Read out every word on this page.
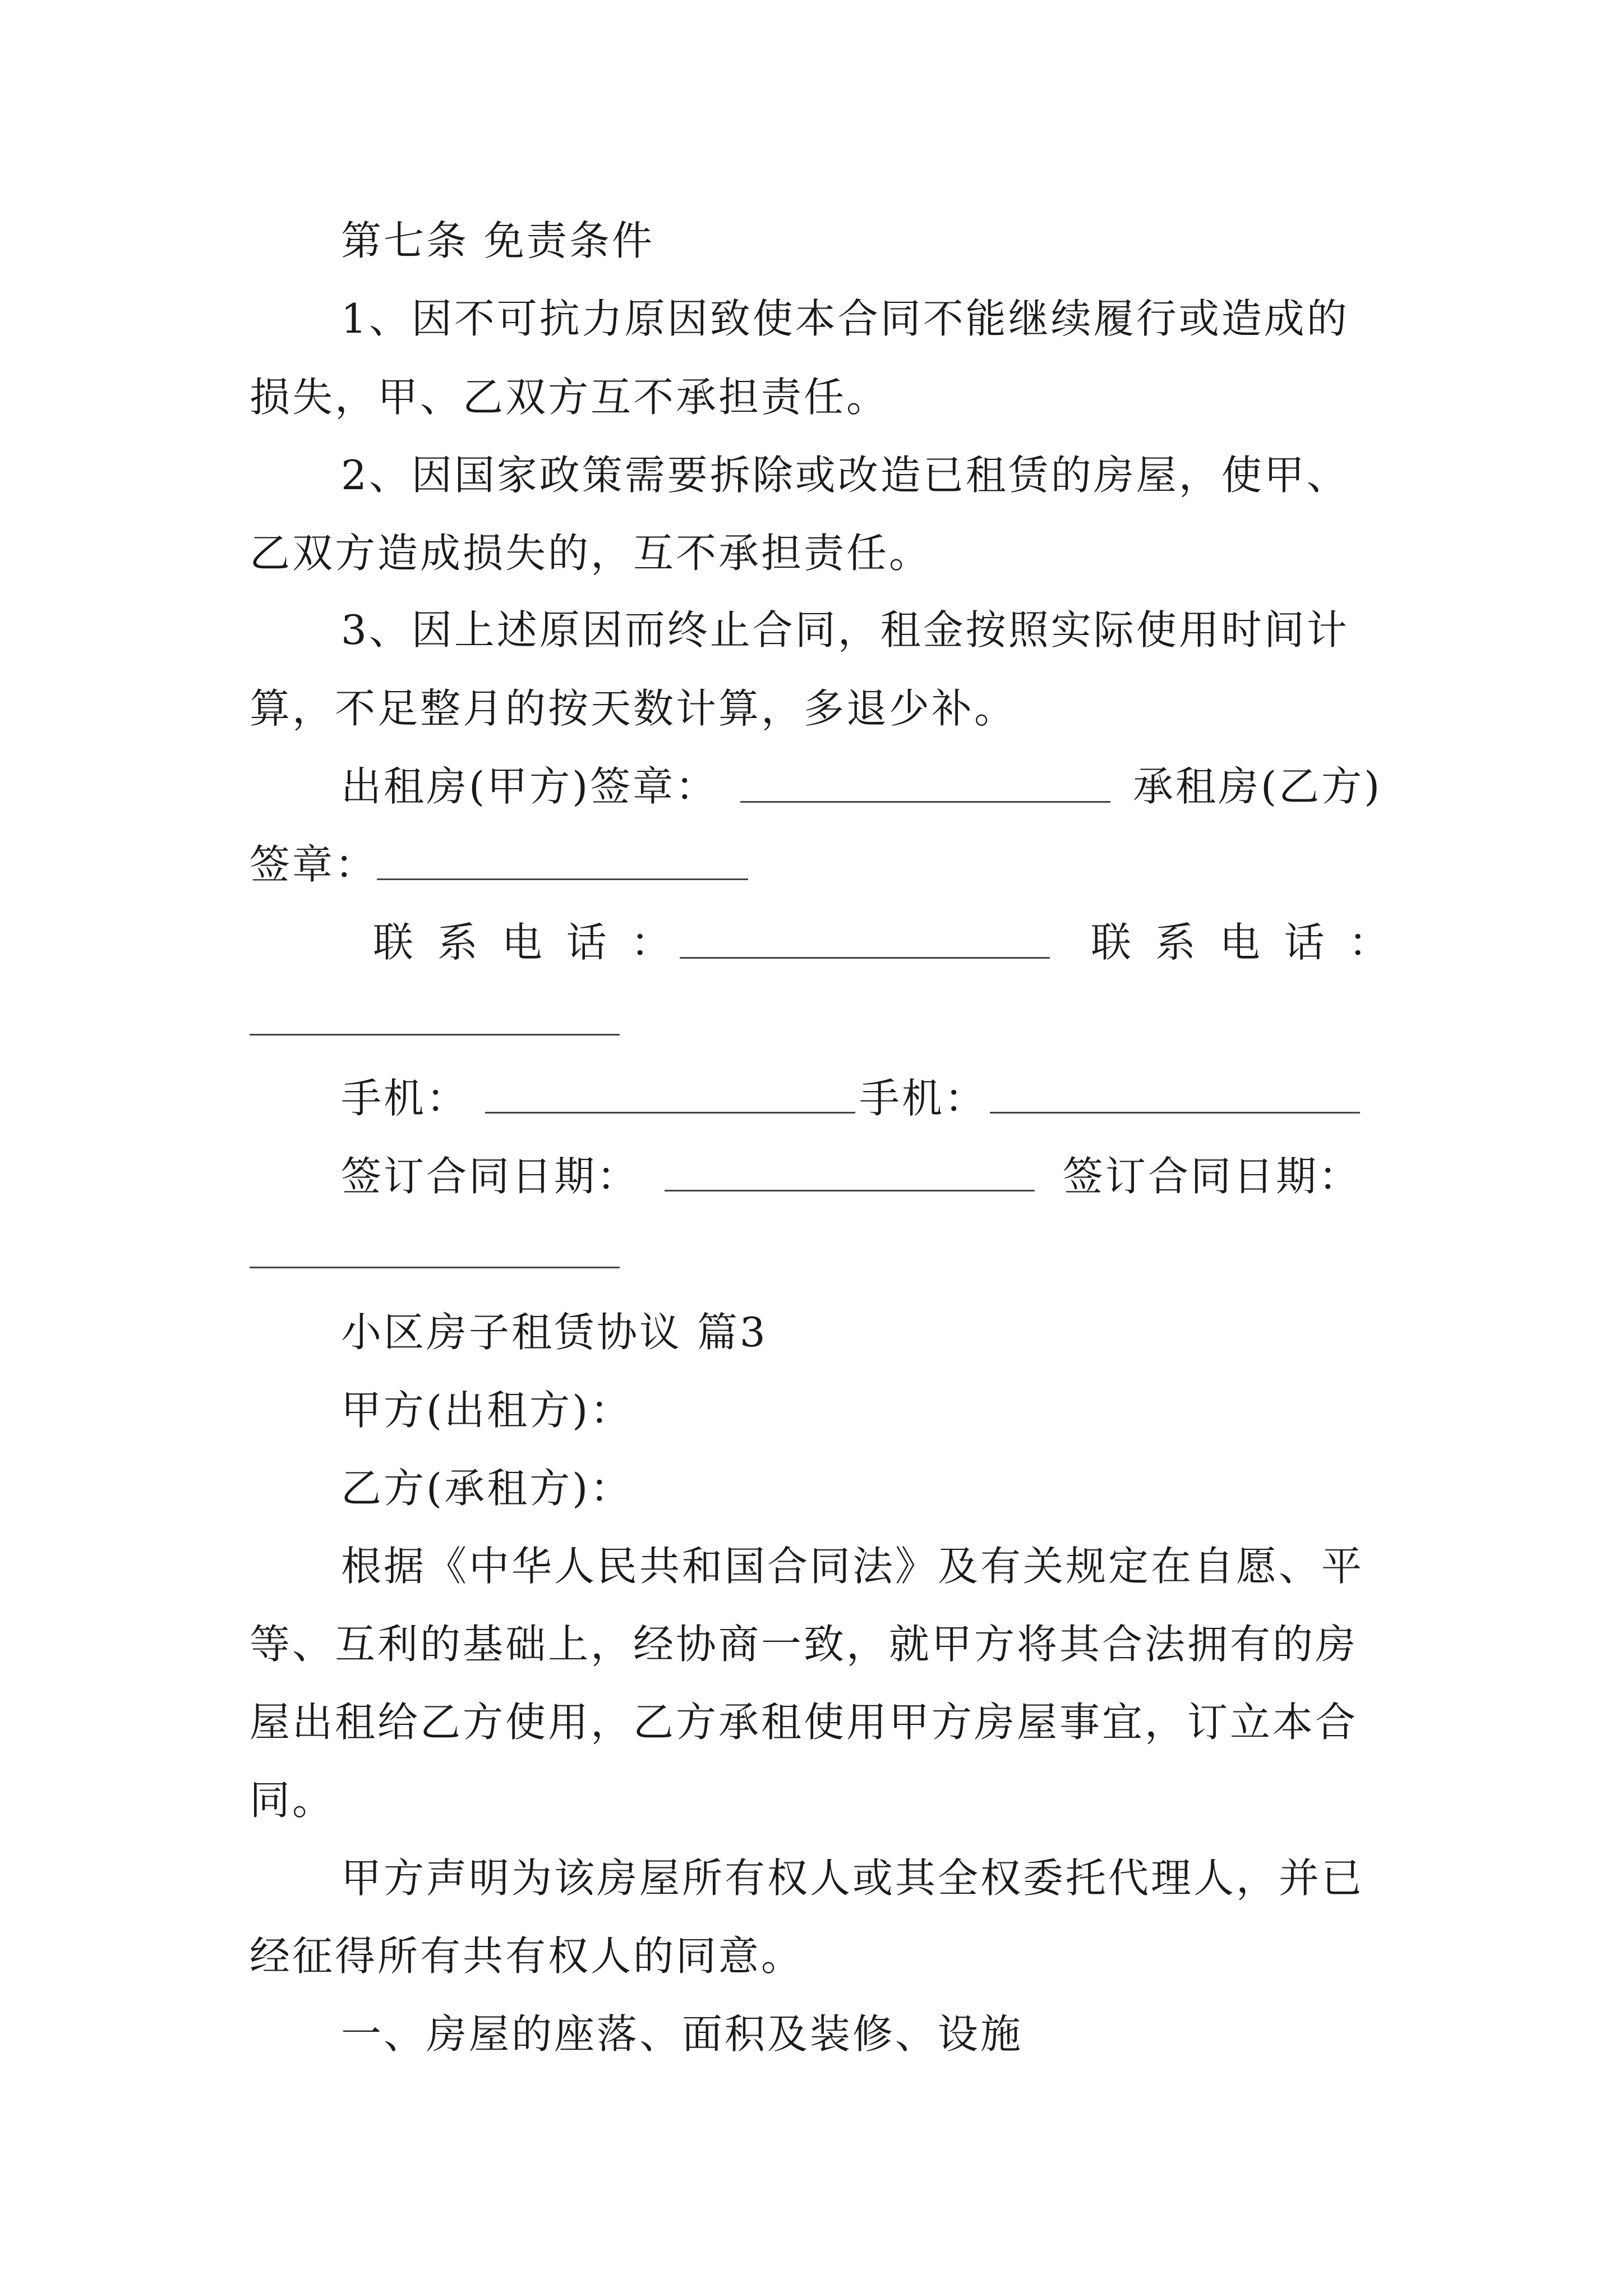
第七条 免责条件
1、因不可抗力原因致使本合同不能继续履行或造成的
损失，甲、乙双方互不承担责任。
2、因国家政策需要拆除或改造已租赁的房屋，使甲、
乙双方造成损失的，互不承担责任。
3、因上述原因而终止合同，租金按照实际使用时间计
算，不足整月的按天数计算，多退少补。
出租房(甲方)签章：	承租房(乙方)
签章：
联 系 电 话 ：	联 系 电 话 ：
手机：	手机：
签订合同日期：	签订合同日期：
小区房子租赁协议 篇3
甲方(出租方)：
乙方(承租方)：
根据《中华人民共和国合同法》及有关规定在自愿、平
等、互利的基础上，经协商一致，就甲方将其合法拥有的房
屋出租给乙方使用，乙方承租使用甲方房屋事宜，订立本合
同。
甲方声明为该房屋所有权人或其全权委托代理人，并已
经征得所有共有权人的同意。
一、房屋的座落、面积及装修、设施
